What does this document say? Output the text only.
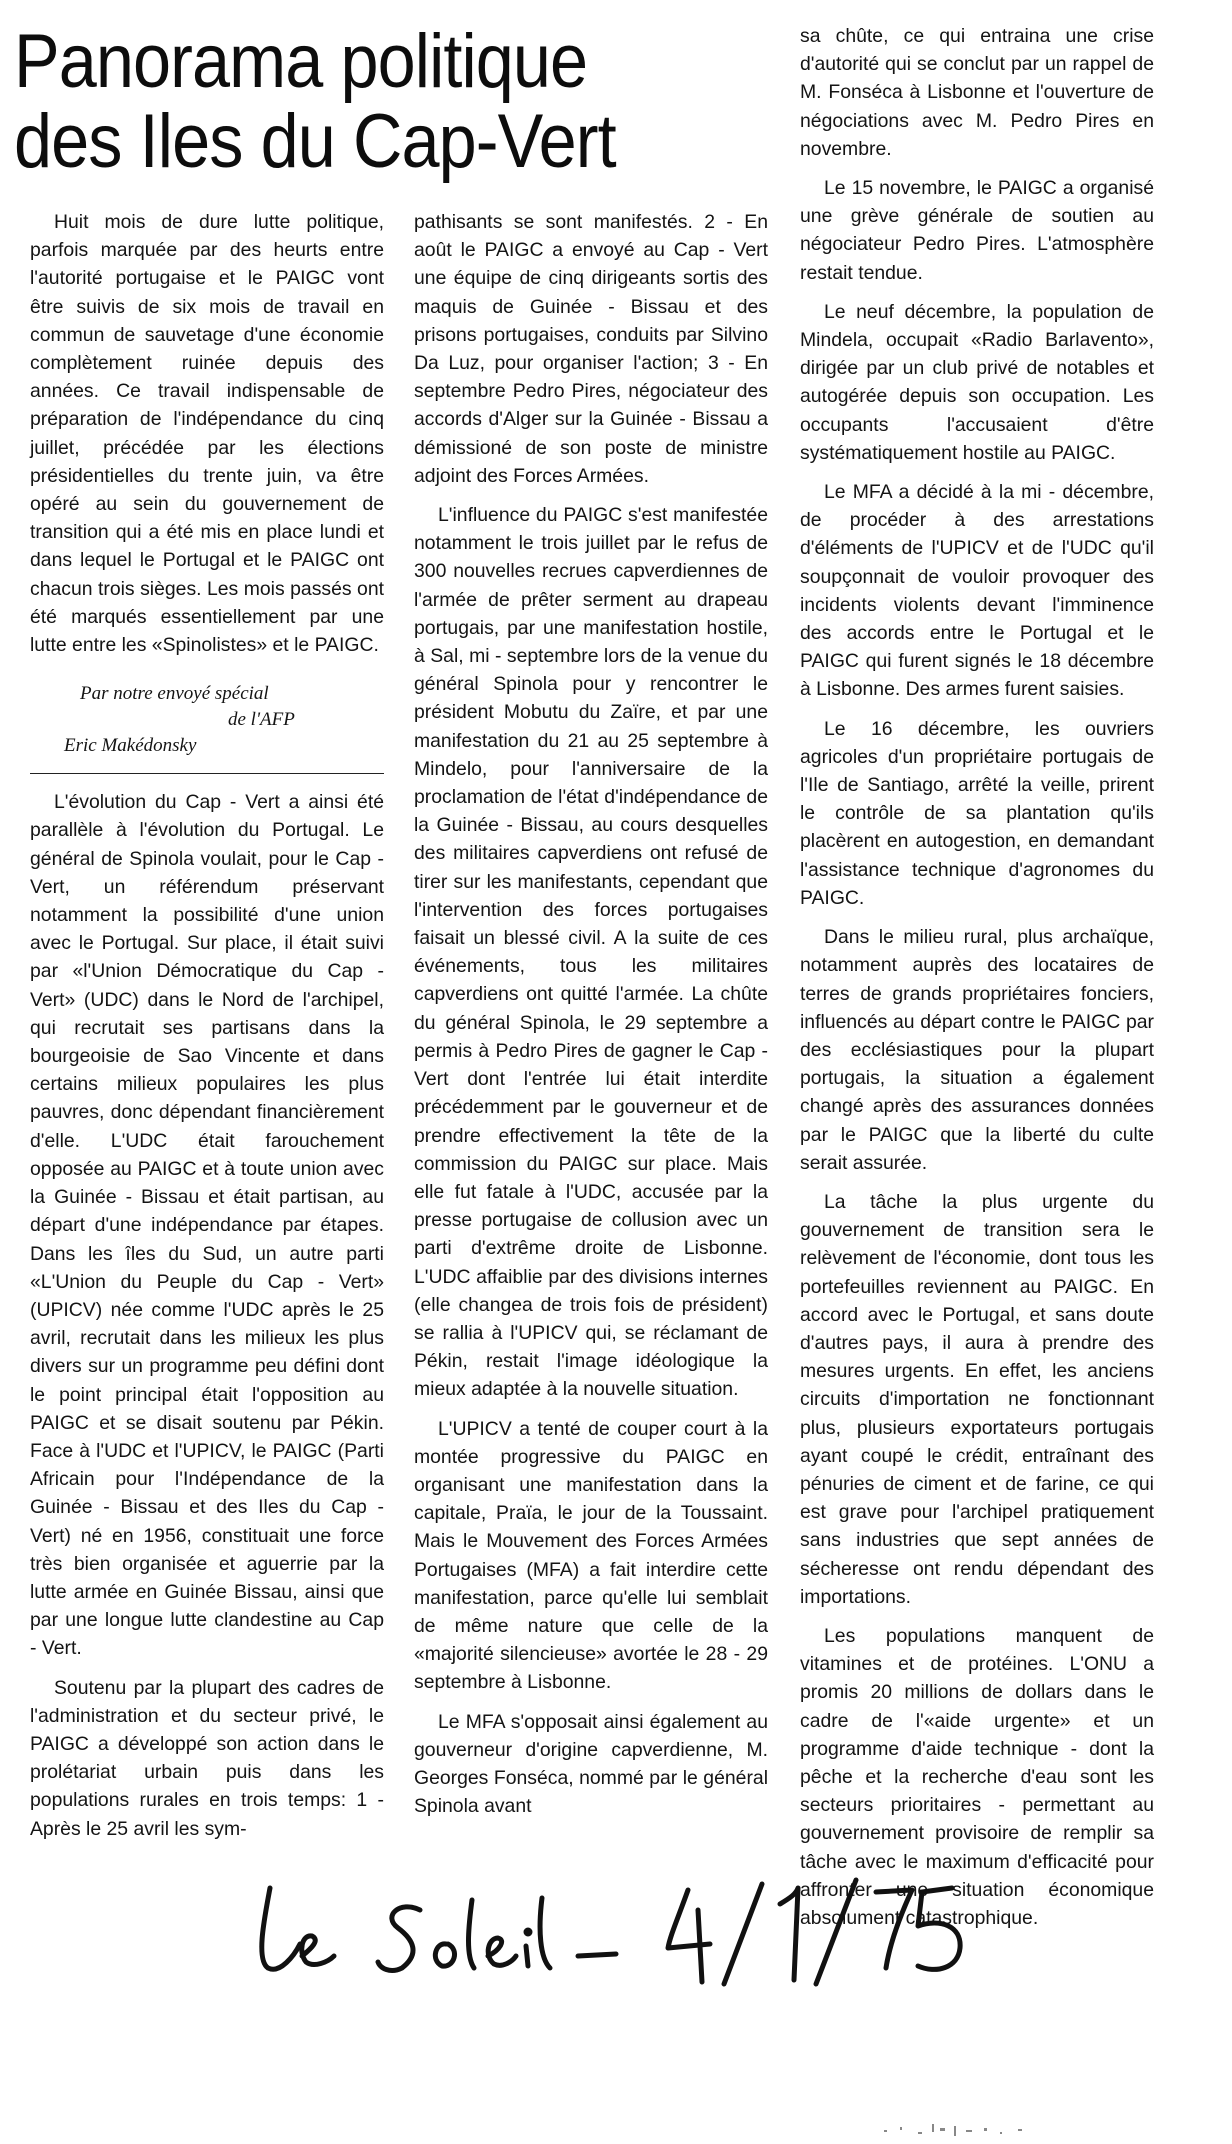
Panorama politique
des Iles du Cap-Vert

Huit mois de dure lutte politique, parfois marquée par des heurts entre l'autorité portugaise et le PAIGC vont être suivis de six mois de travail en commun de sauvetage d'une économie complètement ruinée depuis des années. Ce travail indispensable de préparation de l'indépendance du cinq juillet, précédée par les élections présidentielles du trente juin, va être opéré au sein du gouvernement de transition qui a été mis en place lundi et dans lequel le Portugal et le PAIGC ont chacun trois sièges. Les mois passés ont été marqués essentiellement par une lutte entre les «Spinolistes» et le PAIGC.

Par notre envoyé spécial
de l'AFP
Eric Makédonsky

L'évolution du Cap - Vert a ainsi été parallèle à l'évolution du Portugal. Le général de Spinola voulait, pour le Cap - Vert, un référendum préservant notamment la possibilité d'une union avec le Portugal. Sur place, il était suivi par «l'Union Démocratique du Cap - Vert» (UDC) dans le Nord de l'archipel, qui recrutait ses partisans dans la bourgeoisie de Sao Vincente et dans certains milieux populaires les plus pauvres, donc dépendant financièrement d'elle. L'UDC était farouchement opposée au PAIGC et à toute union avec la Guinée - Bissau et était partisan, au départ d'une indépendance par étapes. Dans les îles du Sud, un autre parti «L'Union du Peuple du Cap - Vert» (UPICV) née comme l'UDC après le 25 avril, recrutait dans les milieux les plus divers sur un programme peu défini dont le point principal était l'opposition au PAIGC et se disait soutenu par Pékin. Face à l'UDC et l'UPICV, le PAIGC (Parti Africain pour l'Indépendance de la Guinée - Bissau et des Iles du Cap - Vert) né en 1956, constituait une force très bien organisée et aguerrie par la lutte armée en Guinée Bissau, ainsi que par une longue lutte clandestine au Cap - Vert.

Soutenu par la plupart des cadres de l'administration et du secteur privé, le PAIGC a développé son action dans le prolétariat urbain puis dans les populations rurales en trois temps: 1 - Après le 25 avril les sym-

pathisants se sont manifestés. 2 - En août le PAIGC a envoyé au Cap - Vert une équipe de cinq dirigeants sortis des maquis de Guinée - Bissau et des prisons portugaises, conduits par Silvino Da Luz, pour organiser l'action; 3 - En septembre Pedro Pires, négociateur des accords d'Alger sur la Guinée - Bissau a démissioné de son poste de ministre adjoint des Forces Armées.

L'influence du PAIGC s'est manifestée notamment le trois juillet par le refus de 300 nouvelles recrues capverdiennes de l'armée de prêter serment au drapeau portugais, par une manifestation hostile, à Sal, mi - septembre lors de la venue du général Spinola pour y rencontrer le président Mobutu du Zaïre, et par une manifestation du 21 au 25 septembre à Mindelo, pour l'anniversaire de la proclamation de l'état d'indépendance de la Guinée - Bissau, au cours desquelles des militaires capverdiens ont refusé de tirer sur les manifestants, cependant que l'intervention des forces portugaises faisait un blessé civil. A la suite de ces événements, tous les militaires capverdiens ont quitté l'armée. La chûte du général Spinola, le 29 septembre a permis à Pedro Pires de gagner le Cap - Vert dont l'entrée lui était interdite précédemment par le gouverneur et de prendre effectivement la tête de la commission du PAIGC sur place. Mais elle fut fatale à l'UDC, accusée par la presse portugaise de collusion avec un parti d'extrême droite de Lisbonne. L'UDC affaiblie par des divisions internes (elle changea de trois fois de président) se rallia à l'UPICV qui, se réclamant de Pékin, restait l'image idéologique la mieux adaptée à la nouvelle situation.

L'UPICV a tenté de couper court à la montée progressive du PAIGC en organisant une manifestation dans la capitale, Praïa, le jour de la Toussaint. Mais le Mouvement des Forces Armées Portugaises (MFA) a fait interdire cette manifestation, parce qu'elle lui semblait de même nature que celle de la «majorité silencieuse» avortée le 28 - 29 septembre à Lisbonne.

Le MFA s'opposait ainsi également au gouverneur d'origine capverdienne, M. Georges Fonséca, nommé par le général Spinola avant

sa chûte, ce qui entraina une crise d'autorité qui se conclut par un rappel de M. Fonséca à Lisbonne et l'ouverture de négociations avec M. Pedro Pires en novembre.

Le 15 novembre, le PAIGC a organisé une grève générale de soutien au négociateur Pedro Pires. L'atmosphère restait tendue.

Le neuf décembre, la population de Mindela, occupait «Radio Barlavento», dirigée par un club privé de notables et autogérée depuis son occupation. Les occupants l'accusaient d'être systématiquement hostile au PAIGC.

Le MFA a décidé à la mi - décembre, de procéder à des arrestations d'éléments de l'UPICV et de l'UDC qu'il soupçonnait de vouloir provoquer des incidents violents devant l'imminence des accords entre le Portugal et le PAIGC qui furent signés le 18 décembre à Lisbonne. Des armes furent saisies.

Le 16 décembre, les ouvriers agricoles d'un propriétaire portugais de l'Ile de Santiago, arrêté la veille, prirent le contrôle de sa plantation qu'ils placèrent en autogestion, en demandant l'assistance technique d'agronomes du PAIGC.

Dans le milieu rural, plus archaïque, notamment auprès des locataires de terres de grands propriétaires fonciers, influencés au départ contre le PAIGC par des ecclésiastiques pour la plupart portugais, la situation a également changé après des assurances données par le PAIGC que la liberté du culte serait assurée.

La tâche la plus urgente du gouvernement de transition sera le relèvement de l'économie, dont tous les portefeuilles reviennent au PAIGC. En accord avec le Portugal, et sans doute d'autres pays, il aura à prendre des mesures urgents. En effet, les anciens circuits d'importation ne fonctionnant plus, plusieurs exportateurs portugais ayant coupé le crédit, entraînant des pénuries de ciment et de farine, ce qui est grave pour l'archipel pratiquement sans industries que sept années de sécheresse ont rendu dépendant des importations.

Les populations manquent de vitamines et de protéines. L'ONU a promis 20 millions de dollars dans le cadre de l'«aide urgente» et un programme d'aide technique - dont la pêche et la recherche d'eau sont les secteurs prioritaires - permettant au gouvernement provisoire de remplir sa tâche avec le maximum d'efficacité pour affronter une situation économique absolument catastrophique.
